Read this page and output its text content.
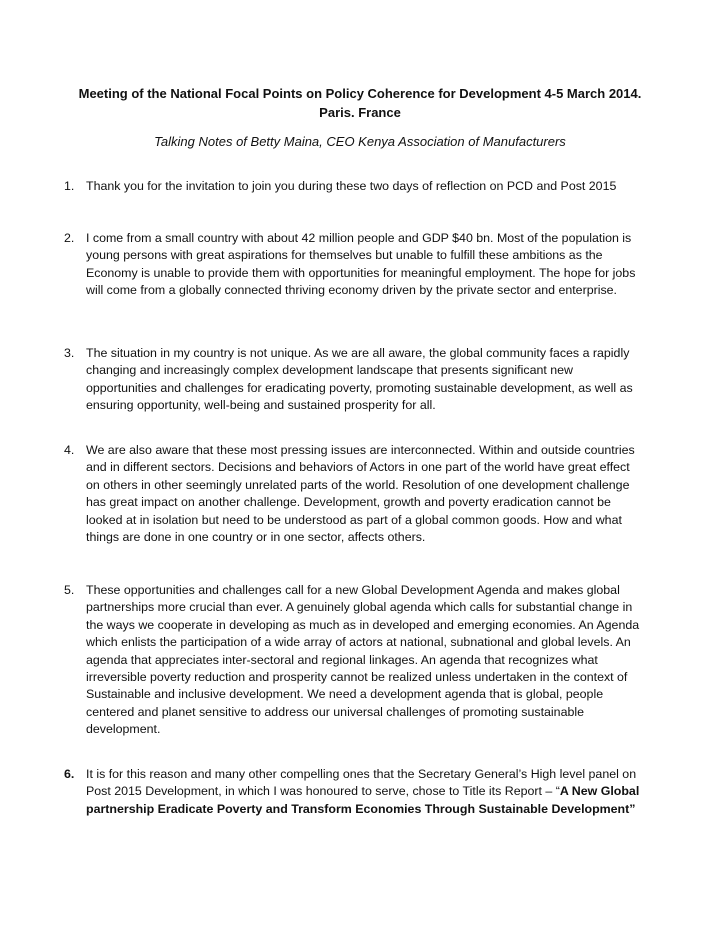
Meeting of the National Focal Points on Policy Coherence for Development 4-5 March 2014.
Paris. France
Talking Notes of Betty Maina, CEO Kenya Association of Manufacturers
1. Thank you for the invitation to join you during these two days of reflection on PCD and Post 2015
2. I come from a small country with about 42 million people and GDP $40 bn. Most of the population is young persons with great aspirations for themselves but unable to fulfill these ambitions as the Economy is unable to provide them with opportunities for meaningful employment. The hope for jobs will come from a globally connected thriving economy driven by the private sector and enterprise.
3. The situation in my country is not unique. As we are all aware, the global community faces a rapidly changing and increasingly complex development landscape that presents significant new opportunities and challenges for eradicating poverty, promoting sustainable development, as well as ensuring opportunity, well-being and sustained prosperity for all.
4. We are also aware that these most pressing issues are interconnected. Within and outside countries and in different sectors. Decisions and behaviors of Actors in one part of the world have great effect on others in other seemingly unrelated parts of the world. Resolution of one development challenge has great impact on another challenge. Development, growth and poverty eradication cannot be looked at in isolation but need to be understood as part of a global common goods. How and what things are done in one country or in one sector, affects others.
5. These opportunities and challenges call for a new Global Development Agenda and makes global partnerships more crucial than ever. A genuinely global agenda which calls for substantial change in the ways we cooperate in developing as much as in developed and emerging economies. An Agenda which enlists the participation of a wide array of actors at national, subnational and global levels. An agenda that appreciates inter-sectoral and regional linkages. An agenda that recognizes what irreversible poverty reduction and prosperity cannot be realized unless undertaken in the context of Sustainable and inclusive development. We need a development agenda that is global, people centered and planet sensitive to address our universal challenges of promoting sustainable development.
6. It is for this reason and many other compelling ones that the Secretary General’s High level panel on Post 2015 Development, in which I was honoured to serve, chose to Title its Report – “A New Global partnership Eradicate Poverty and Transform Economies Through Sustainable Development”
